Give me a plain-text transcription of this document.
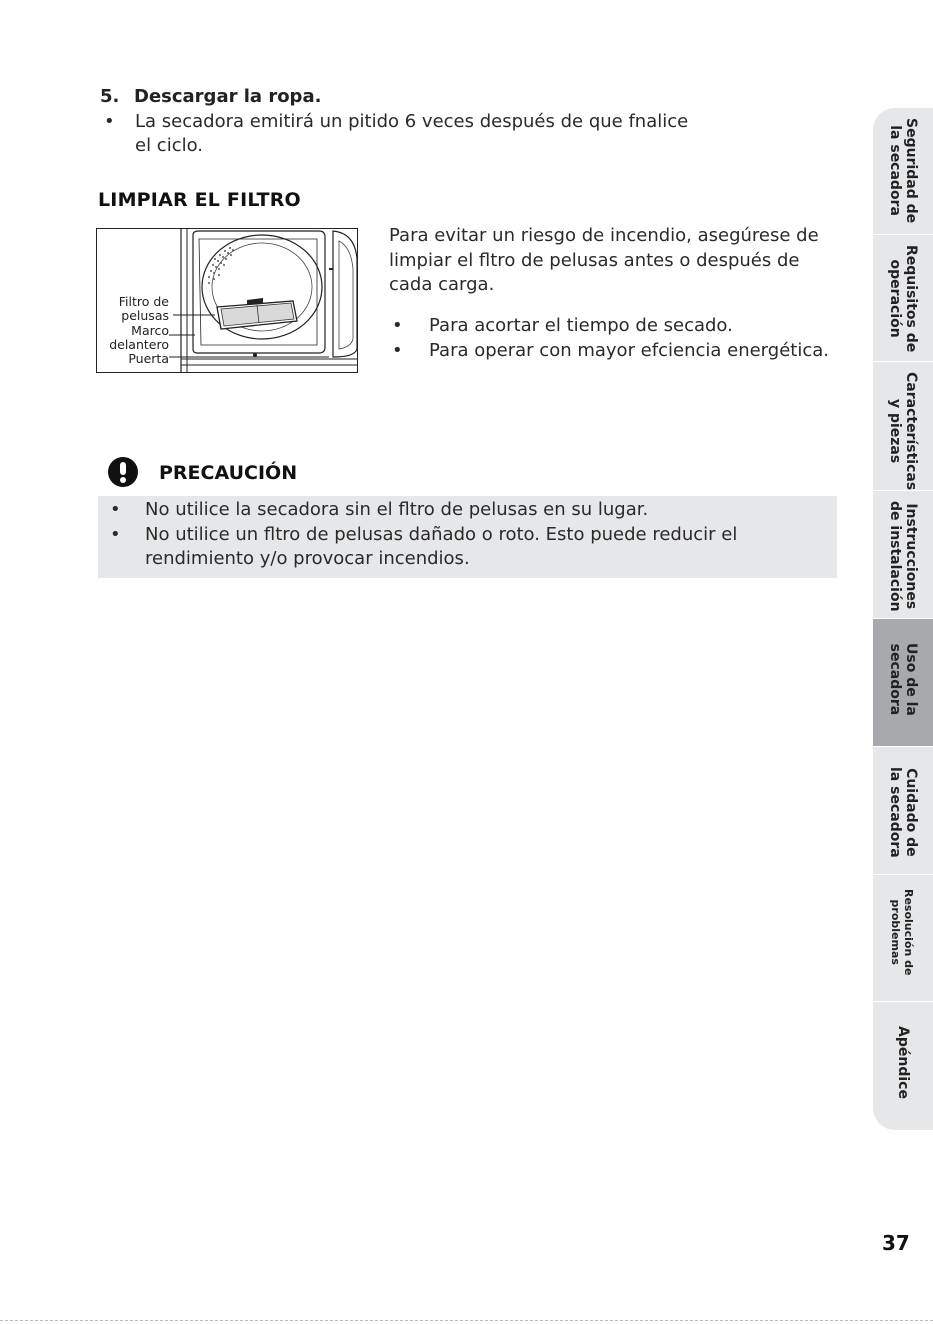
5. Descargar la ropa.
• La secadora emitirá un pitido 6 veces después de que fnalice el ciclo.
LIMPIAR EL FILTRO
Filtro de
pelusas
Marco
delantero
Puerta
Para evitar un riesgo de incendio, asegúrese de limpiar el fltro de pelusas antes o después de cada carga.
• Para acortar el tiempo de secado.
• Para operar con mayor efciencia energética.
PRECAUCIÓN
• No utilice la secadora sin el fltro de pelusas en su lugar.
• No utilice un fltro de pelusas dañado o roto. Esto puede reducir el rendimiento y/o provocar incendios.
Seguridad de
la secadora
Requisitos de
operación
Características
y piezas
Instrucciones
de instalación
Uso de la
secadora
Cuidado de
la secadora
Resolución de
problemas
Apéndice
37
